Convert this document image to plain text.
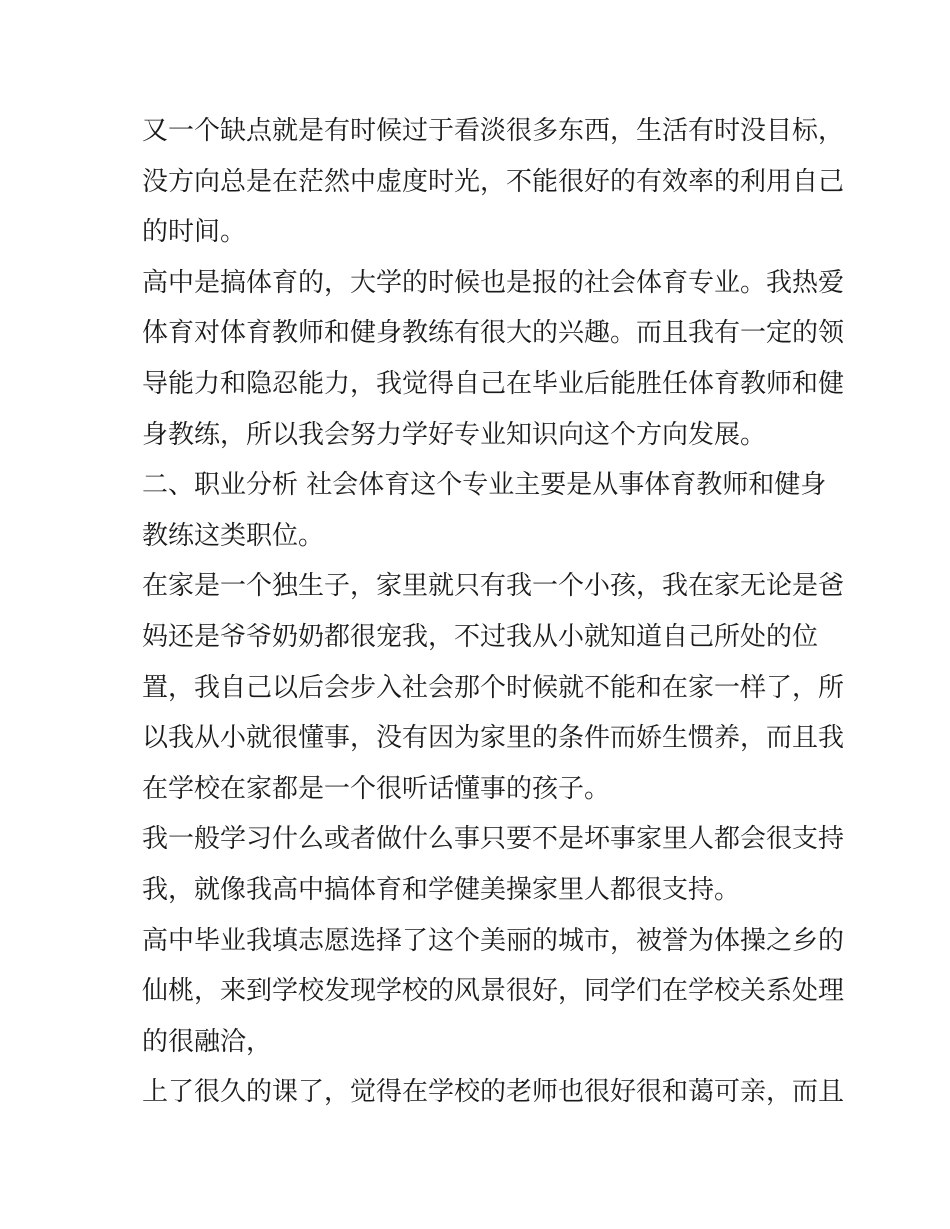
又一个缺点就是有时候过于看淡很多东西，生活有时没目标，
没方向总是在茫然中虚度时光，不能很好的有效率的利用自己
的时间。
高中是搞体育的，大学的时候也是报的社会体育专业。我热爱
体育对体育教师和健身教练有很大的兴趣。而且我有一定的领
导能力和隐忍能力，我觉得自己在毕业后能胜任体育教师和健
身教练，所以我会努力学好专业知识向这个方向发展。
二、职业分析 社会体育这个专业主要是从事体育教师和健身
教练这类职位。
在家是一个独生子，家里就只有我一个小孩，我在家无论是爸
妈还是爷爷奶奶都很宠我，不过我从小就知道自己所处的位
置，我自己以后会步入社会那个时候就不能和在家一样了，所
以我从小就很懂事，没有因为家里的条件而娇生惯养，而且我
在学校在家都是一个很听话懂事的孩子。
我一般学习什么或者做什么事只要不是坏事家里人都会很支持
我，就像我高中搞体育和学健美操家里人都很支持。
高中毕业我填志愿选择了这个美丽的城市，被誉为体操之乡的
仙桃，来到学校发现学校的风景很好，同学们在学校关系处理
的很融洽，
上了很久的课了，觉得在学校的老师也很好很和蔼可亲，而且
